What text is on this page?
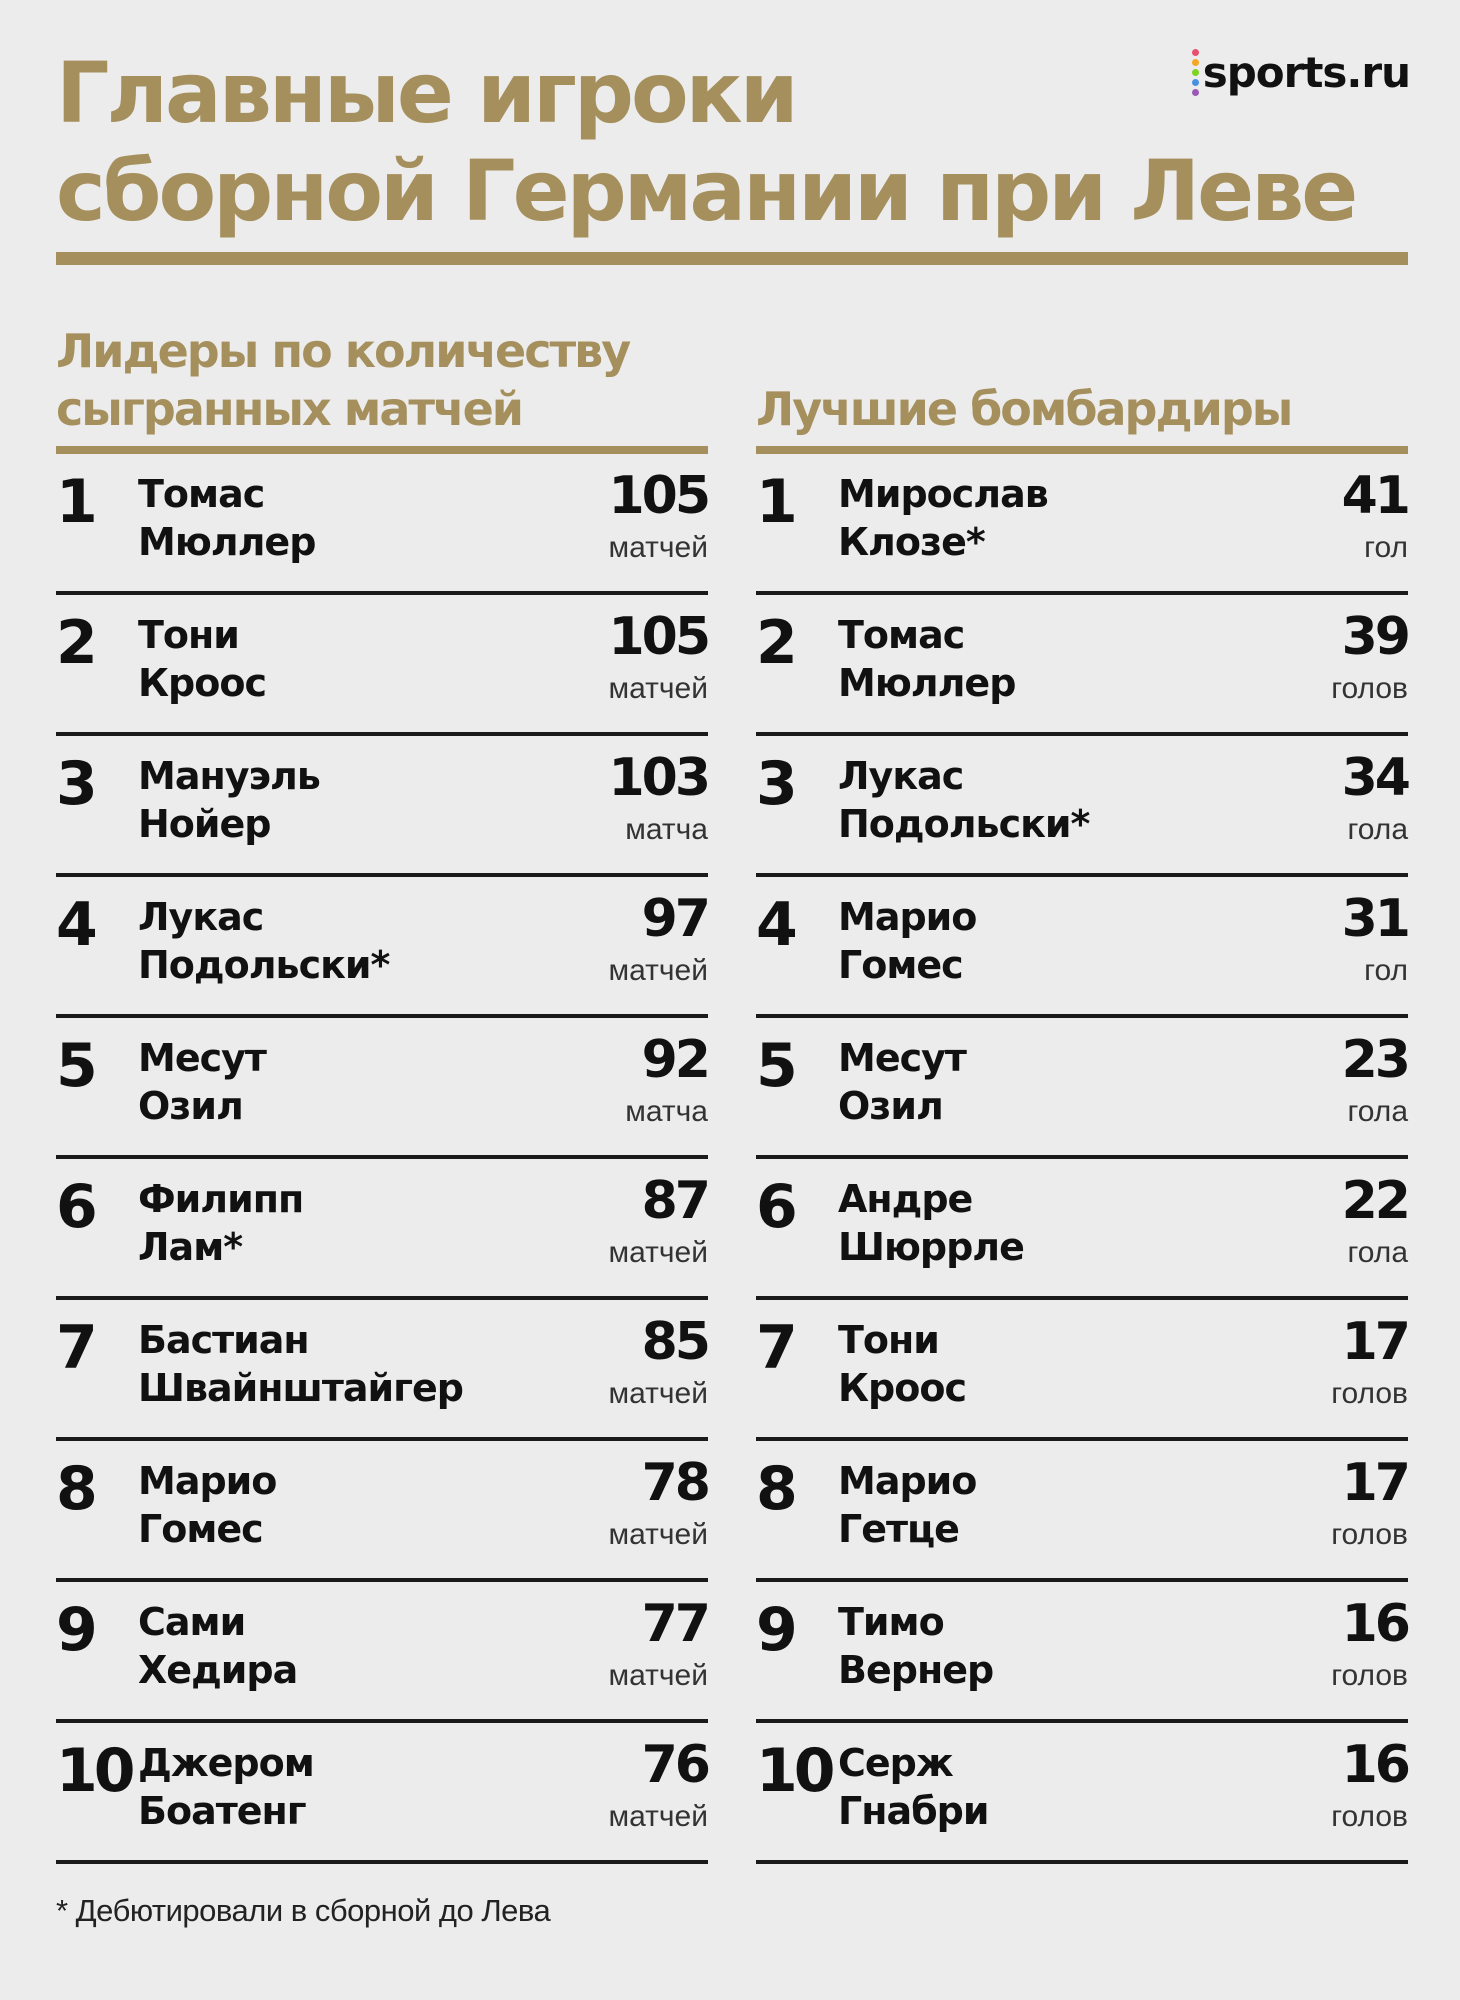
Главные игроки
сборной Германии при Леве
sports.ru
Лидеры по количеству
сыгранных матчей
1 Томас
Мюллер
105
матчей
2 Тони
Кроос
105
матчей
3 Мануэль
Нойер
103
матча
4 Лукас
Подольски*
97
матчей
5 Месут
Озил
92
матча
6 Филипп
Лам*
87
матчей
7 Бастиан
Швайнштайгер
85
матчей
8 Марио
Гомес
78
матчей
9 Сами
Хедира
77
матчей
10 Джером
Боатенг
76
матчей
Лучшие бомбардиры
1 Мирослав
Клозе*
41
гол
2 Томас
Мюллер
39
голов
3 Лукас
Подольски*
34
гола
4 Марио
Гомес
31
гол
5 Месут
Озил
23
гола
6 Андре
Шюррле
22
гола
7 Тони
Кроос
17
голов
8 Марио
Гетце
17
голов
9 Тимо
Вернер
16
голов
10 Серж
Гнабри
16
голов
* Дебютировали в сборной до Лева
